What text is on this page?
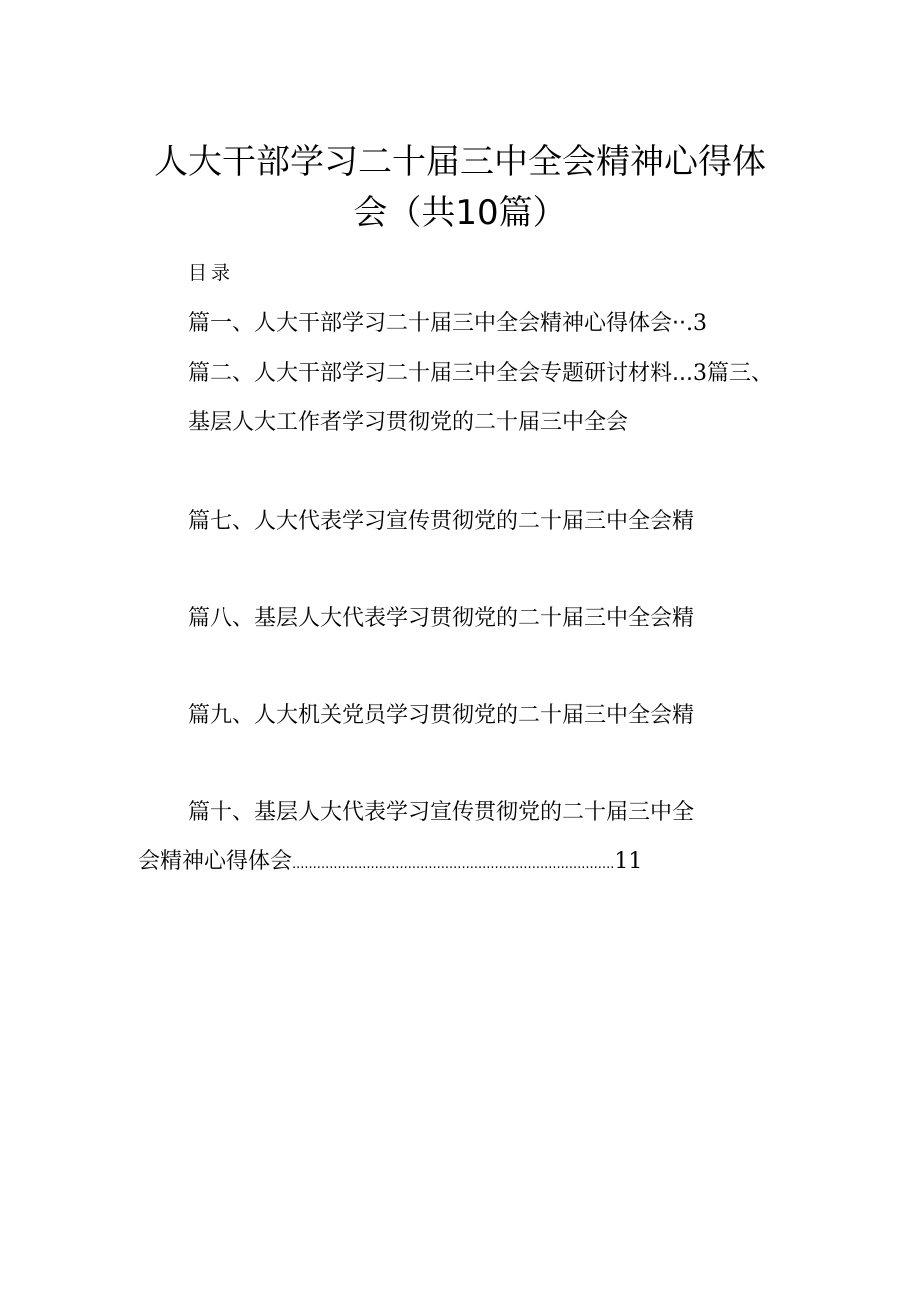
人大干部学习二十届三中全会精神心得体
会（共10篇）
目录
篇一、人大干部学习二十届三中全会精神心得体会··.3
篇二、人大干部学习二十届三中全会专题研讨材料...3篇三、
基层人大工作者学习贯彻党的二十届三中全会
篇七、人大代表学习宣传贯彻党的二十届三中全会精
篇八、基层人大代表学习贯彻党的二十届三中全会精
篇九、人大机关党员学习贯彻党的二十届三中全会精
篇十、基层人大代表学习宣传贯彻党的二十届三中全
会精神心得体会..............................................................................11
